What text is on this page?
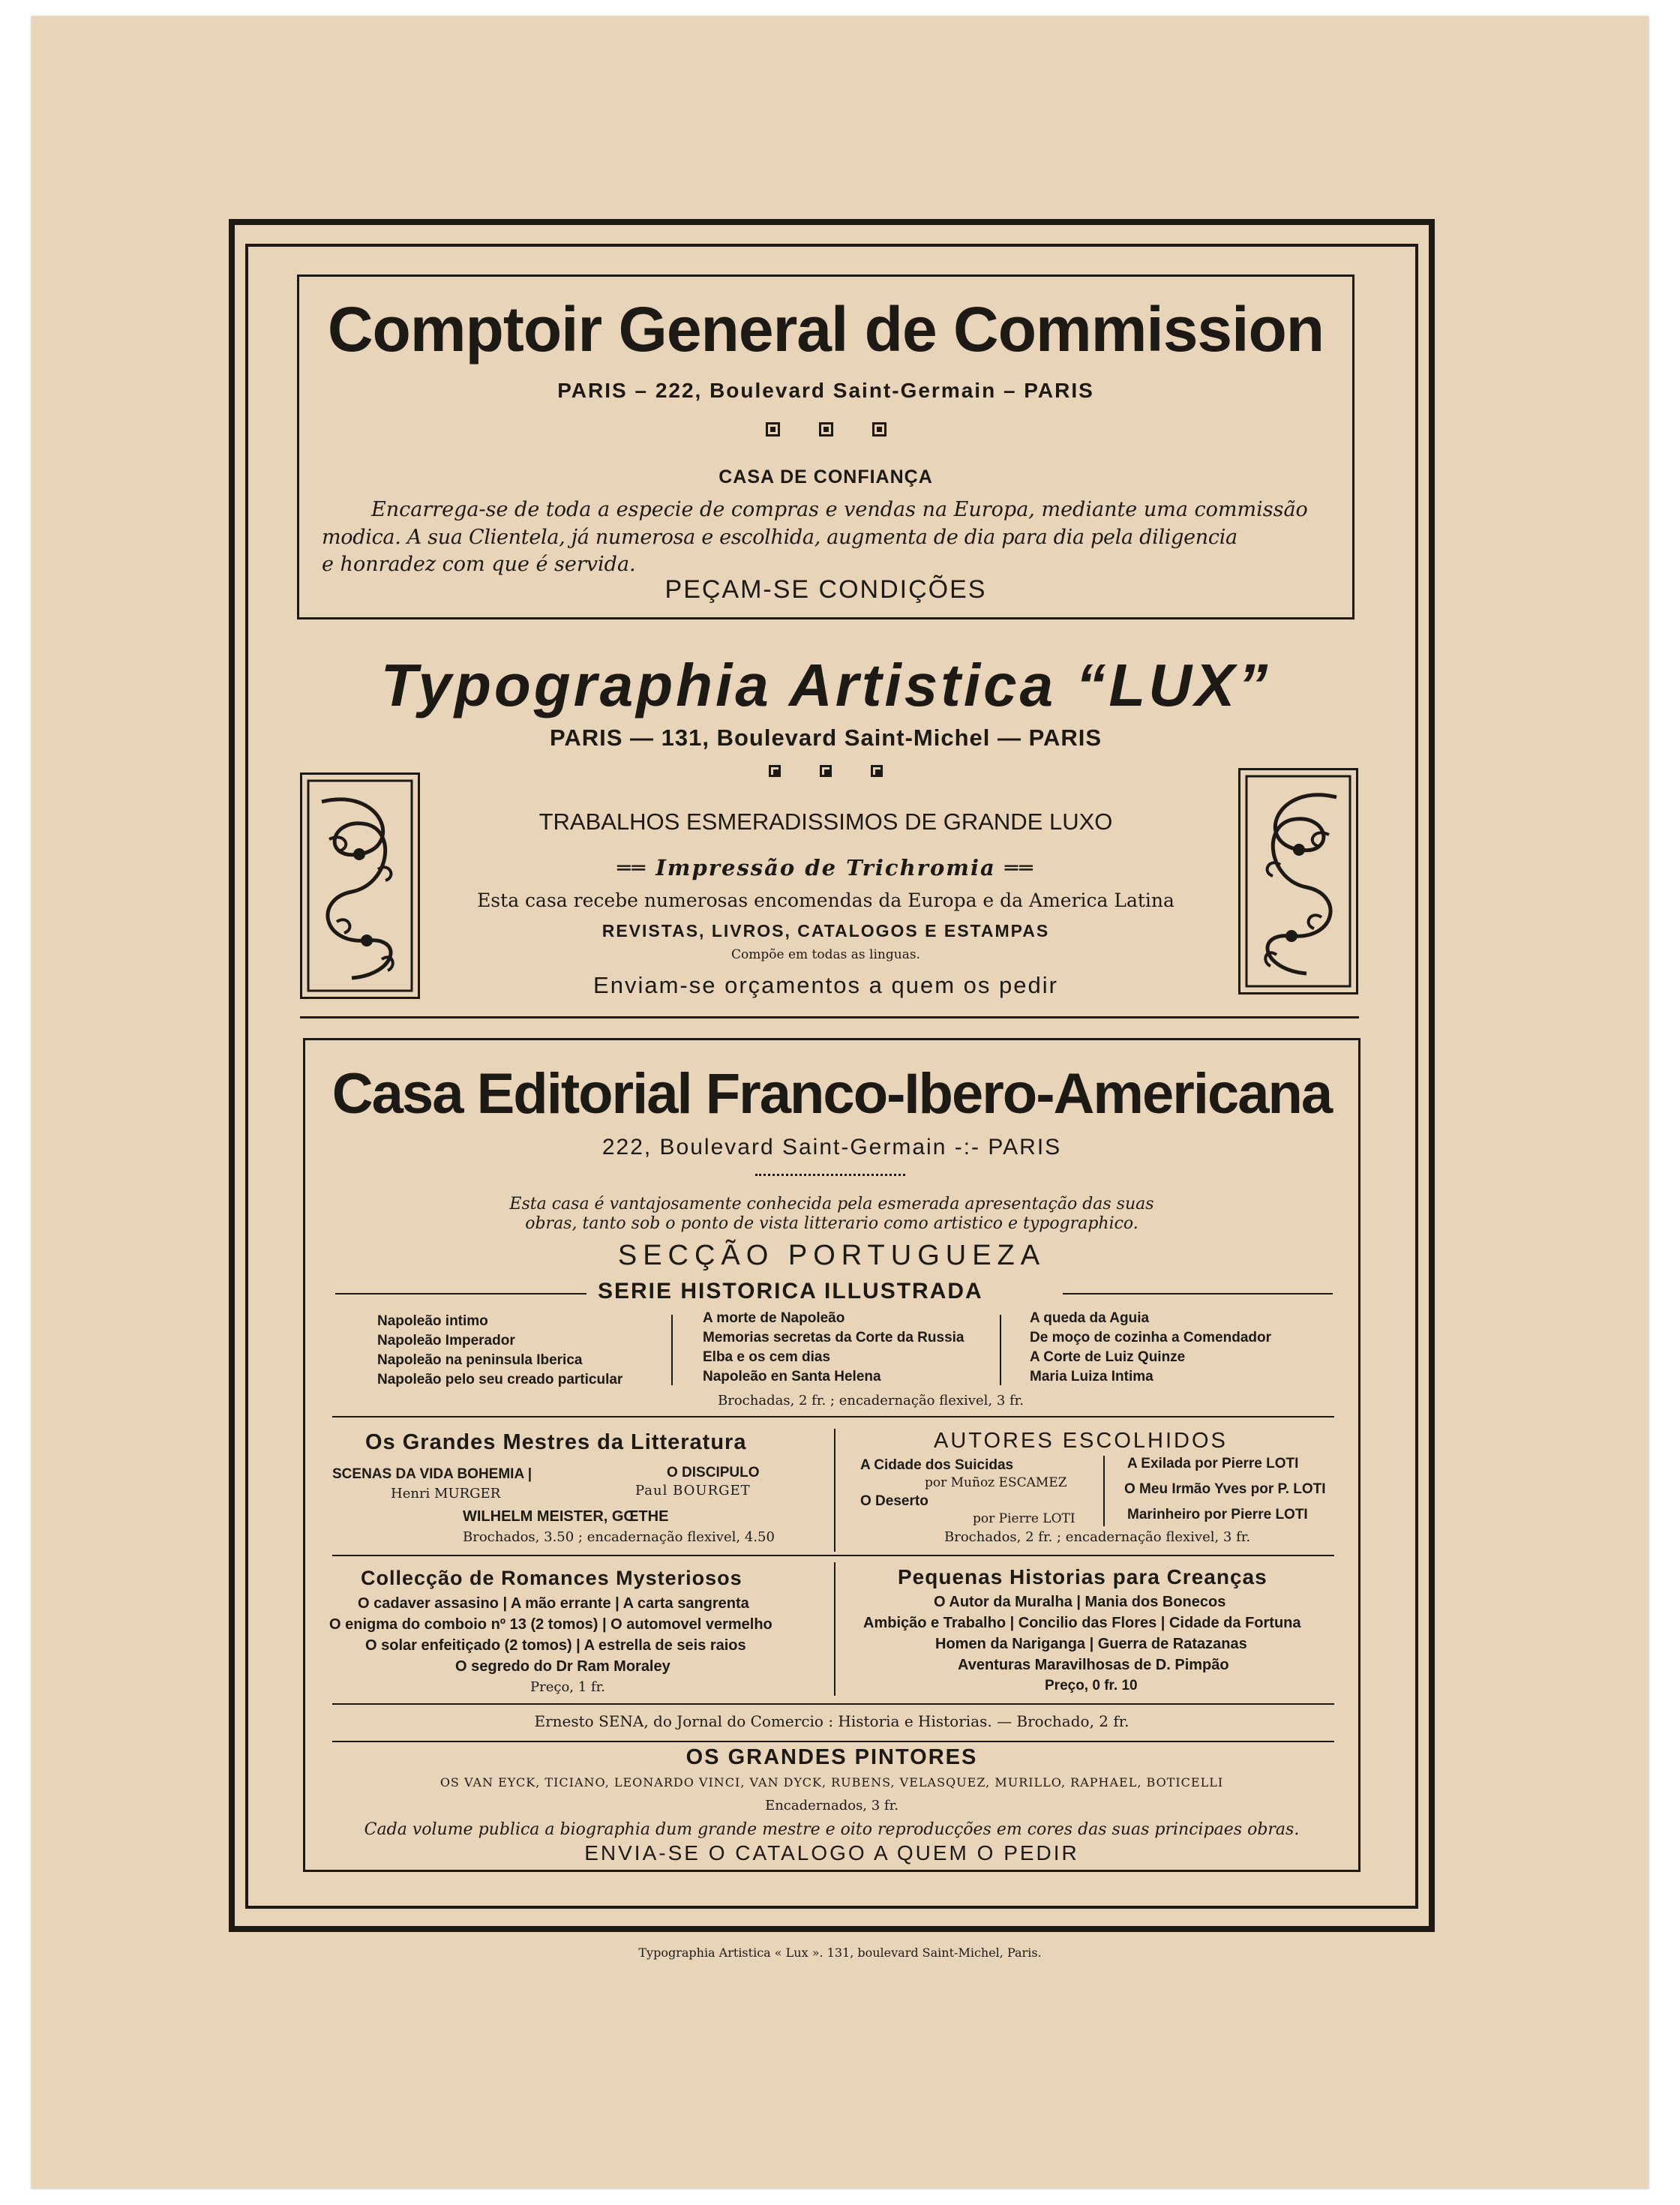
Comptoir General de Commission
PARIS – 222, Boulevard Saint-Germain – PARIS
CASA DE CONFIANÇA
Encarrega-se de toda a especie de compras e vendas na Europa, mediante uma commissão
modica. A sua Clientela, já numerosa e escolhida, augmenta de dia para dia pela diligencia
e honradez com que é servida.
PEÇAM-SE CONDIÇÕES
Typographia Artistica “LUX”
PARIS — 131, Boulevard Saint-Michel — PARIS
TRABALHOS ESMERADISSIMOS DE GRANDE LUXO
══ Impressão de Trichromia ══
Esta casa recebe numerosas encomendas da Europa e da America Latina
REVISTAS, LIVROS, CATALOGOS E ESTAMPAS
Compõe em todas as linguas.
Enviam-se orçamentos a quem os pedir
Casa Editorial Franco-Ibero-Americana
222, Boulevard Saint-Germain -:- PARIS
Esta casa é vantajosamente conhecida pela esmerada apresentação das suas
obras, tanto sob o ponto de vista litterario como artistico e typographico.
SECÇÃO PORTUGUEZA
SERIE HISTORICA ILLUSTRADA
Napoleão intimo
Napoleão Imperador
Napoleão na peninsula Iberica
Napoleão pelo seu creado particular
A morte de Napoleão
Memorias secretas da Corte da Russia
Elba e os cem dias
Napoleão en Santa Helena
A queda da Aguia
De moço de cozinha a Comendador
A Corte de Luiz Quinze
Maria Luiza Intima
Brochadas, 2 fr. ; encadernação flexivel, 3 fr.
Os Grandes Mestres da Litteratura
SCENAS DA VIDA BOHEMIA |
Henri MURGER
O DISCIPULO
Paul BOURGET
WILHELM MEISTER, GŒTHE
Brochados, 3.50 ; encadernação flexivel, 4.50
AUTORES ESCOLHIDOS
A Cidade dos Suicidas
por Muñoz ESCAMEZ
O Deserto
por Pierre LOTI
A Exilada por Pierre LOTI
O Meu Irmão Yves por P. LOTI
Marinheiro por Pierre LOTI
Brochados, 2 fr. ; encadernação flexivel, 3 fr.
Collecção de Romances Mysteriosos
O cadaver assasino | A mão errante | A carta sangrenta
O enigma do comboio nº 13 (2 tomos) | O automovel vermelho
O solar enfeitiçado (2 tomos) | A estrella de seis raios
O segredo do Dr Ram Moraley
Preço, 1 fr.
Pequenas Historias para Creanças
O Autor da Muralha | Mania dos Bonecos
Ambição e Trabalho | Concilio das Flores | Cidade da Fortuna
Homen da Nariganga | Guerra de Ratazanas
Aventuras Maravilhosas de D. Pimpão
Preço, 0 fr. 10
Ernesto SENA, do Jornal do Comercio : Historia e Historias. — Brochado, 2 fr.
OS GRANDES PINTORES
OS VAN EYCK, TICIANO, LEONARDO VINCI, VAN DYCK, RUBENS, VELASQUEZ, MURILLO, RAPHAEL, BOTICELLI
Encadernados, 3 fr.
Cada volume publica a biographia dum grande mestre e oito reproducções em cores das suas principaes obras.
ENVIA-SE O CATALOGO A QUEM O PEDIR
Typographia Artistica « Lux ». 131, boulevard Saint-Michel, Paris.
